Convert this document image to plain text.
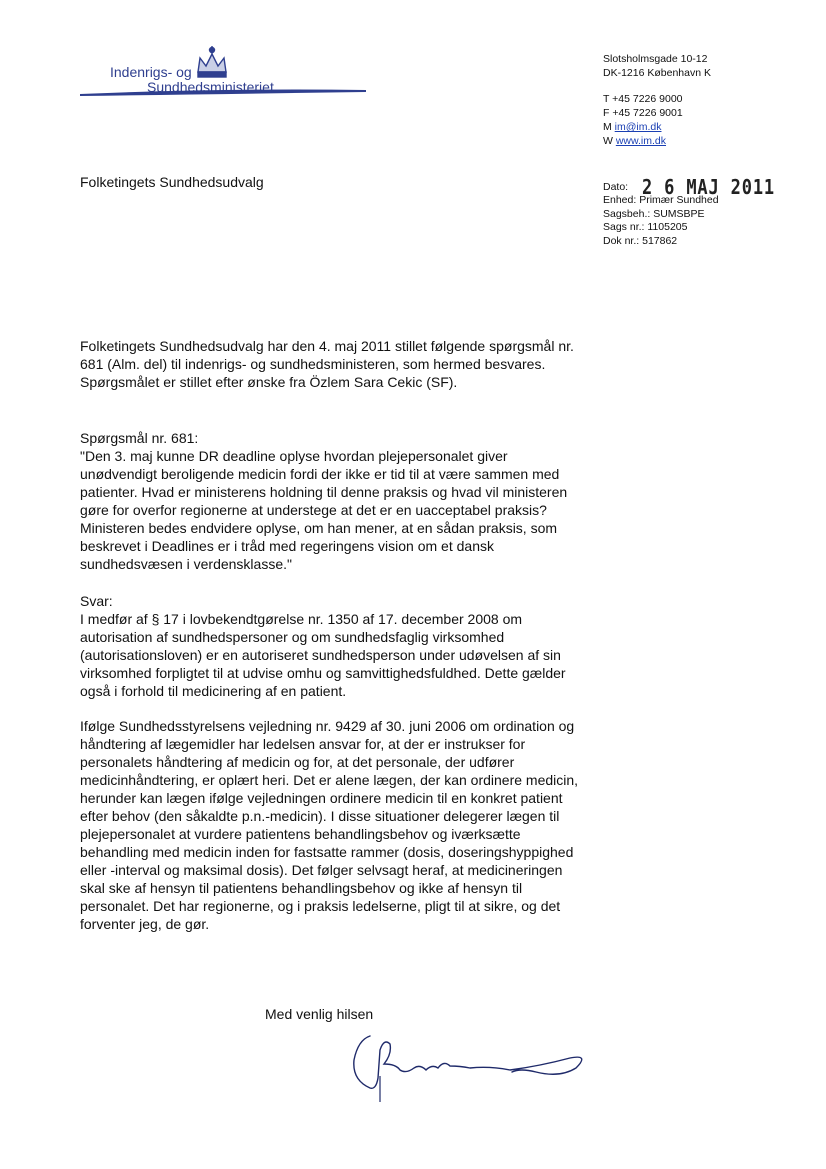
Indenrigs- og
Sundhedsministeriet
Slotsholmsgade 10-12
DK-1216 København K
T +45 7226 9000
F +45 7226 9001
M im@im.dk
W www.im.dk
Folketingets Sundhedsudvalg	Dato: 2 6 MAJ 2011
Enhed: Primær Sundhed
Sagsbeh.: SUMSBPE
Sags nr.: 1105205
Dok nr.: 517862

Folketingets Sundhedsudvalg har den 4. maj 2011 stillet følgende spørgsmål nr. 681 (Alm. del) til indenrigs- og sundhedsministeren, som hermed besvares. Spørgsmålet er stillet efter ønske fra Özlem Sara Cekic (SF).

Spørgsmål nr. 681:

"Den 3. maj kunne DR deadline oplyse hvordan plejepersonalet giver unødvendigt beroligende medicin fordi der ikke er tid til at være sammen med patienter. Hvad er ministerens holdning til denne praksis og hvad vil ministeren gøre for overfor regionerne at understege at det er en uacceptabel praksis? Ministeren bedes endvidere oplyse, om han mener, at en sådan praksis, som beskrevet i Deadlines er i tråd med regeringens vision om et dansk sundhedsvæsen i verdensklasse."

Svar:

I medfør af § 17 i lovbekendtgørelse nr. 1350 af 17. december 2008 om autorisation af sundhedspersoner og om sundhedsfaglig virksomhed (autorisationsloven) er en autoriseret sundhedsperson under udøvelsen af sin virksomhed forpligtet til at udvise omhu og samvittighedsfuldhed. Dette gælder også i forhold til medicinering af en patient.

Ifølge Sundhedsstyrelsens vejledning nr. 9429 af 30. juni 2006 om ordination og håndtering af lægemidler har ledelsen ansvar for, at der er instrukser for personalets håndtering af medicin og for, at det personale, der udfører medicinhåndtering, er oplært heri. Det er alene lægen, der kan ordinere medicin, herunder kan lægen ifølge vejledningen ordinere medicin til en konkret patient efter behov (den såkaldte p.n.-medicin). I disse situationer delegerer lægen til plejepersonalet at vurdere patientens behandlingsbehov og iværksætte behandling med medicin inden for fastsatte rammer (dosis, doseringshyppighed eller -interval og maksimal dosis). Det følger selvsagt heraf, at medicineringen skal ske af hensyn til patientens behandlingsbehov og ikke af hensyn til personalet. Det har regionerne, og i praksis ledelserne, pligt til at sikre, og det forventer jeg, de gør.

Med venlig hilsen
